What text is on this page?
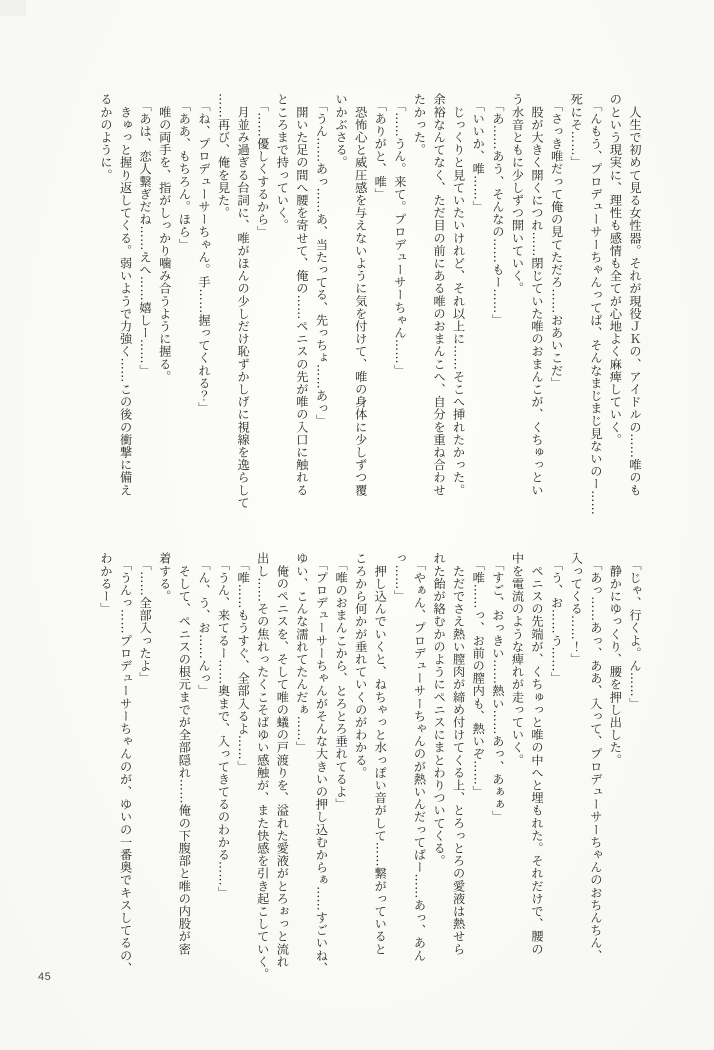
　人生で初めて見る女性器。それが現役ＪＫの、アイドルの……唯のも
のという現実に、理性も感情も全てが心地よく麻痺していく。
　「んもう、プロデューサーちゃんってば、そんなまじまじ見ないのー……
死にそ……」
　「さっき唯だって俺の見てただろ……おあいこだ」
　股が大きく開くにつれ……閉じていた唯のおまんこが、くちゅっとい
う水音ともに少しずつ開いていく。
　「あ……あう、そんなの……もー……」
　「いいか、唯……」
　じっくりと見ていたいけれど、それ以上に……そこへ挿れたかった。
余裕なんてなく、ただ目の前にある唯のおまんこへ、自分を重ね合わせ
たかった。
　「……うん。来て。プロデューサーちゃん……」
　「ありがと、唯」
　恐怖心と威圧感を与えないように気を付けて、唯の身体に少しずつ覆
いかぶさる。
　「うん……あっ……あ、当たってる、先っちょ……あっ」
　開いた足の間へ腰を寄せて、俺の……ペニスの先が唯の入口に触れる
ところまで持っていく。
　「……優しくするから」
　月並み過ぎる台詞に、唯がほんの少しだけ恥ずかしげに視線を逸らして
……再び、俺を見た。
　「ね、プロデューサーちゃん。手……握ってくれる？」
　「ああ、もちろん。ほら」
　唯の両手を、指がしっかり噛み合うように握る。
　「あは、恋人繋ぎだね……えへ……嬉しー……」
　きゅっと握り返してくる。弱いようで力強く……この後の衝撃に備え
るかのように。
　「じゃ、行くよ。ん……」
　静かにゆっくり、腰を押し出した。
　「あっ……あっ、ああ、入って、プロデューサーちゃんのおちんちん、
入ってくる……！」
　「う、お……う……」
　ペニスの先端が、くちゅっと唯の中へと埋もれた。それだけで、腰の
中を電流のような痺れが走っていく。
　「すご、おっきい……熱い……あっ、あぁぁ」
　「唯……っ、お前の膣内も、熱いぞ……」
　ただでさえ熱い膣肉が締め付けてくる上、とろっとろの愛液は熱せら
れた飴が絡むかのようにペニスにまとわりついてくる。
　「やぁん、プロデューサーちゃんのが熱いんだってばー……あっ、あん
っ……」
　押し込んでいくと、ねちゃっと水っぽい音がして……繋がっていると
ころから何かが垂れていくのがわかる。
　「唯のおまんこから、とろとろ垂れてるよ」
　「プロデューサーちゃんがそんな大きいの押し込むからぁ……すごいね、
ゆい、こんな濡れてたんだぁ……」
　俺のペニスを、そして唯の蟻の戸渡りを、溢れた愛液がとろぉっと流れ
出し……その焦れったくこそばゆい感触が、また快感を引き起こしていく。
　「唯……もうすぐ、全部入るよ……」
　「うん、来てるー……奥まで、入ってきてるのわかる……」
　「ん、う、お……んっ」
　そして、ペニスの根元までが全部隠れ……俺の下腹部と唯の内股が密
着する。
　「……全部入ったよ」
　「うんっ……プロデューサーちゃんのが、ゆいの一番奥でキスしてるの、
わかるー」
45
